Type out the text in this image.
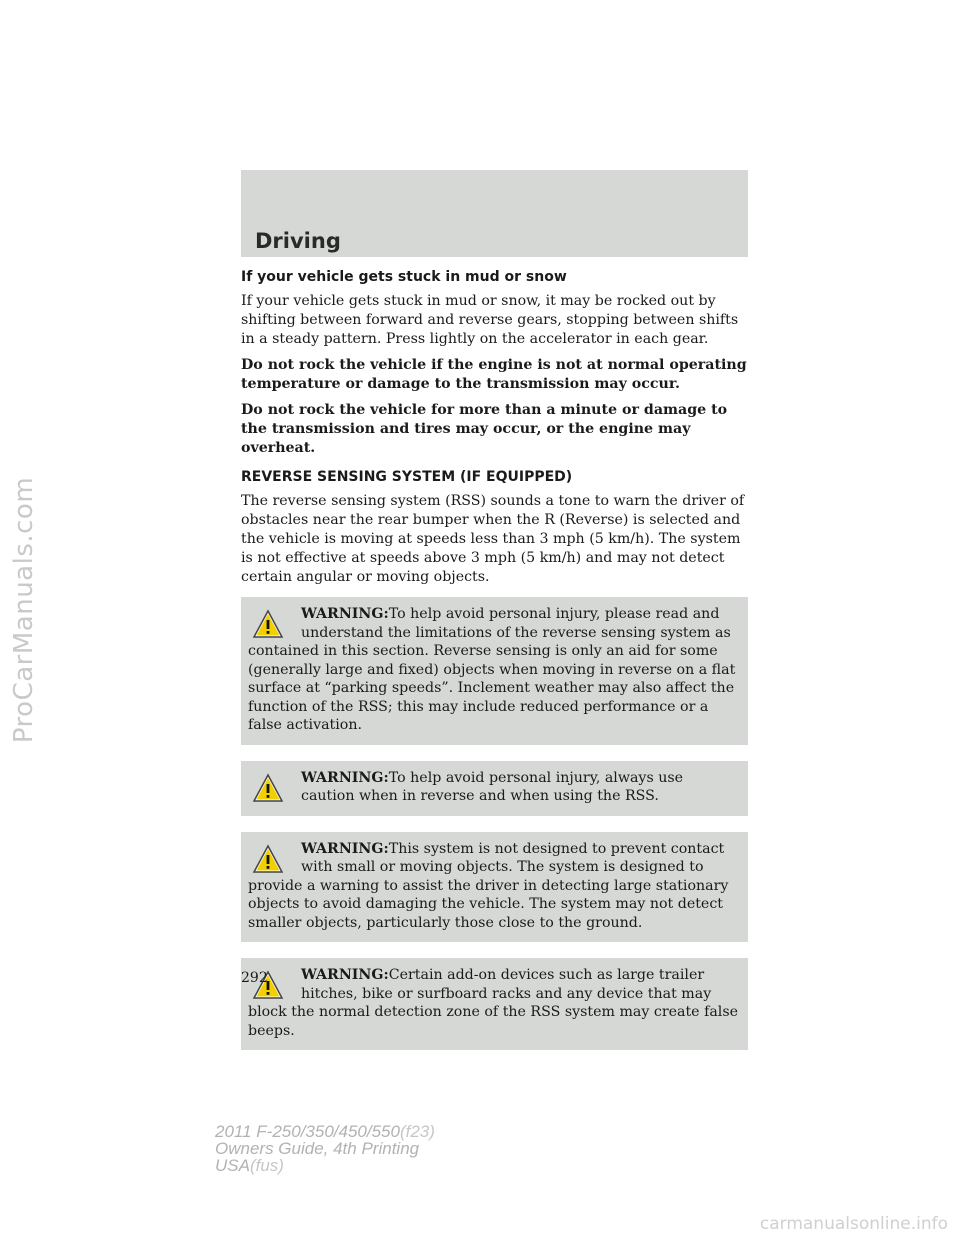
ProCarManuals.com
Driving
If your vehicle gets stuck in mud or snow

If your vehicle gets stuck in mud or snow, it may be rocked out by shifting between forward and reverse gears, stopping between shifts in a steady pattern. Press lightly on the accelerator in each gear.

Do not rock the vehicle if the engine is not at normal operating temperature or damage to the transmission may occur.

Do not rock the vehicle for more than a minute or damage to the transmission and tires may occur, or the engine may overheat.

REVERSE SENSING SYSTEM (IF EQUIPPED)

The reverse sensing system (RSS) sounds a tone to warn the driver of obstacles near the rear bumper when the R (Reverse) is selected and the vehicle is moving at speeds less than 3 mph (5 km/h). The system is not effective at speeds above 3 mph (5 km/h) and may not detect certain angular or moving objects.

WARNING:To help avoid personal injury, please read and understand the limitations of the reverse sensing system as contained in this section. Reverse sensing is only an aid for some (generally large and fixed) objects when moving in reverse on a flat surface at “parking speeds”. Inclement weather may also affect the function of the RSS; this may include reduced performance or a false activation.
WARNING:To help avoid personal injury, always use caution when in reverse and when using the RSS.
WARNING:This system is not designed to prevent contact with small or moving objects. The system is designed to provide a warning to assist the driver in detecting large stationary objects to avoid damaging the vehicle. The system may not detect smaller objects, particularly those close to the ground.
WARNING:Certain add-on devices such as large trailer hitches, bike or surfboard racks and any device that may block the normal detection zone of the RSS system may create false beeps.
292
2011 F-250/350/450/550(f23)
Owners Guide, 4th Printing
USA(fus)
carmanualsonline.info
